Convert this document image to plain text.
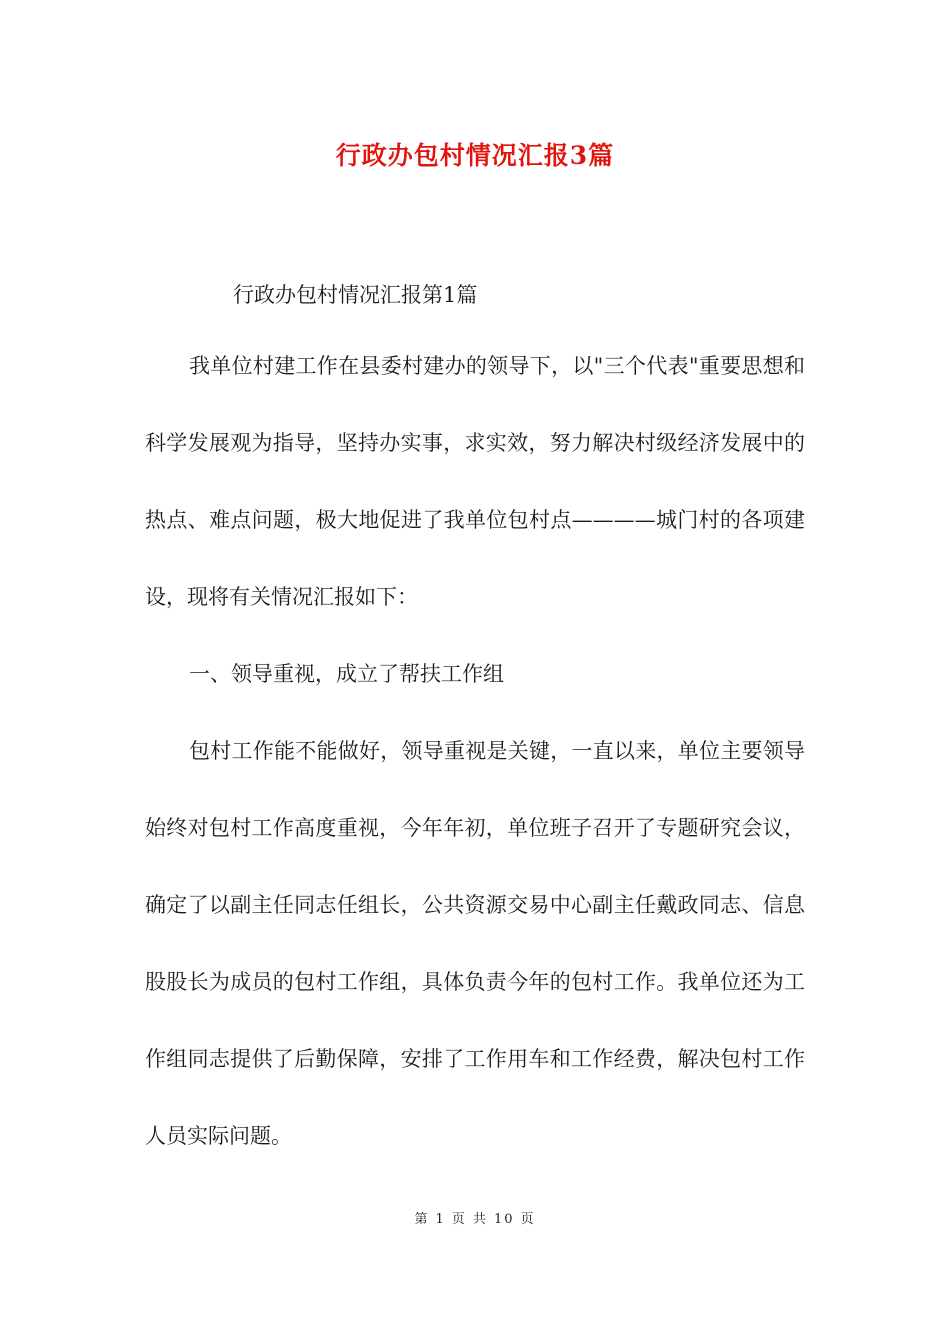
行政办包村情况汇报3篇
行政办包村情况汇报第1篇

我单位村建工作在县委村建办的领导下，以"三个代表"重要思想和科学发展观为指导，坚持办实事，求实效，努力解决村级经济发展中的热点、难点问题，极大地促进了我单位包村点————城门村的各项建设，现将有关情况汇报如下：

一、领导重视，成立了帮扶工作组

包村工作能不能做好，领导重视是关键，一直以来，单位主要领导始终对包村工作高度重视，今年年初，单位班子召开了专题研究会议，确定了以副主任同志任组长，公共资源交易中心副主任戴政同志、信息股股长为成员的包村工作组，具体负责今年的包村工作。我单位还为工作组同志提供了后勤保障，安排了工作用车和工作经费，解决包村工作人员实际问题。

第 1 页 共 10 页
